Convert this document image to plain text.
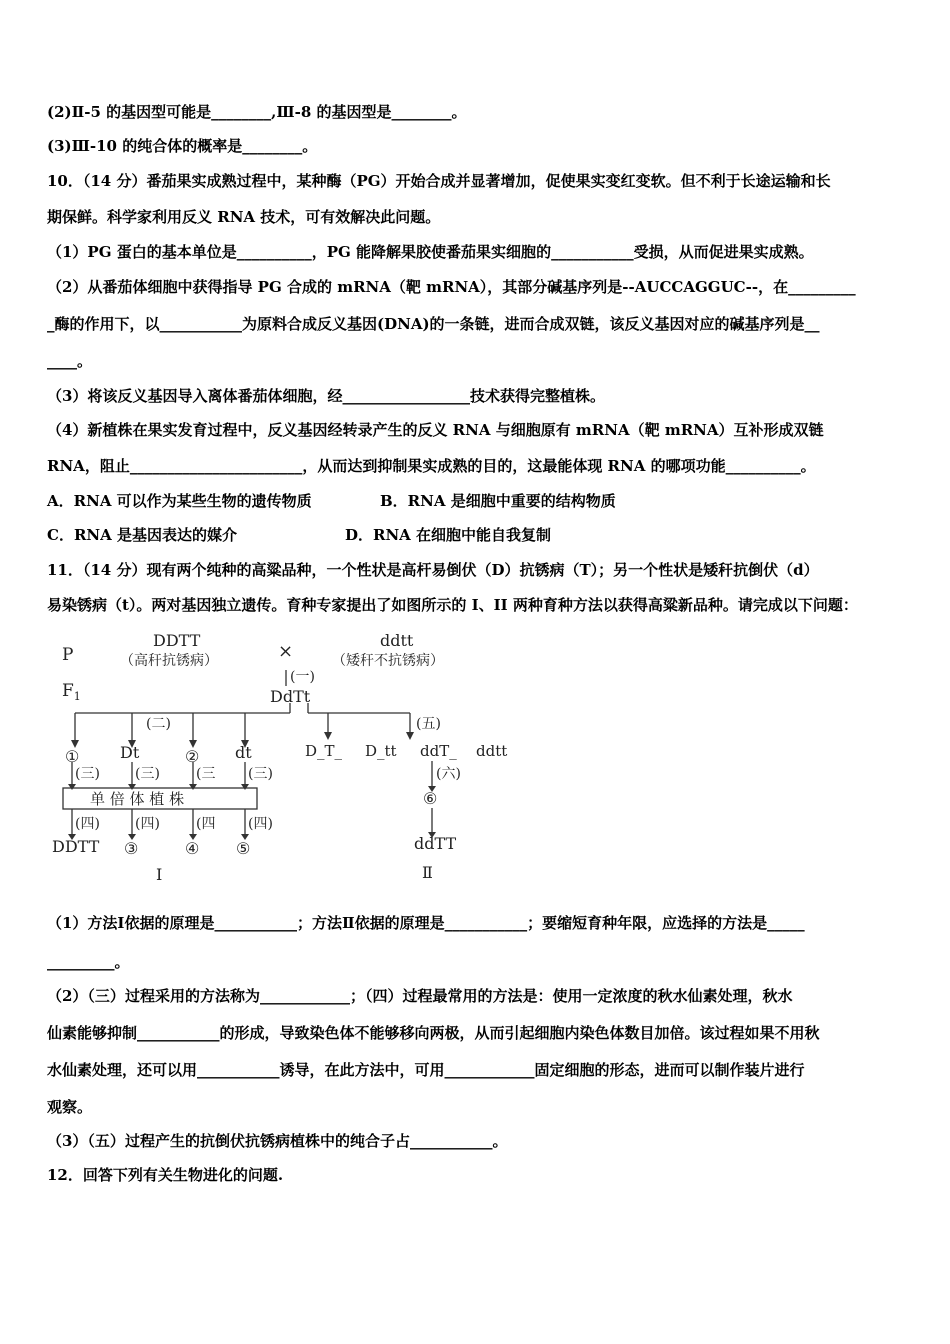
(2)Ⅱ-5 的基因型可能是________,Ⅲ-8 的基因型是________。
(3)Ⅲ-10 的纯合体的概率是________。
10．（14 分）番茄果实成熟过程中，某种酶（PG）开始合成并显著增加，促使果实变红变软。但不利于长途运输和长
期保鲜。科学家利用反义 RNA 技术，可有效解决此问题。
（1）PG 蛋白的基本单位是__________，PG 能降解果胶使番茄果实细胞的___________受损，从而促进果实成熟。
（2）从番茄体细胞中获得指导 PG 合成的 mRNA（靶 mRNA），其部分碱基序列是--AUCCAGGUC--，在_________
_酶的作用下，以___________为原料合成反义基因(DNA)的一条链，进而合成双链，该反义基因对应的碱基序列是__
____。
（3）将该反义基因导入离体番茄体细胞，经_________________技术获得完整植株。
（4）新植株在果实发育过程中，反义基因经转录产生的反义 RNA 与细胞原有 mRNA（靶 mRNA）互补形成双链
RNA，阻止_______________________，从而达到抑制果实成熟的目的，这最能体现 RNA 的哪项功能__________。
A．RNA 可以作为某些生物的遗传物质	B．RNA 是细胞中重要的结构物质
C．RNA 是基因表达的媒介	D．RNA 在细胞中能自我复制
11．（14 分）现有两个纯种的高粱品种，一个性状是高杆易倒伏（D）抗锈病（T）；另一个性状是矮秆抗倒伏（d）
易染锈病（t）。两对基因独立遗传。育种专家提出了如图所示的 I、II 两种育种方法以获得高粱新品种。请完成以下问题：
P
$F_1$
DDTT
（高秆抗锈病）
ddtt
（矮秆不抗锈病）
×
(一)
DdTt
(二)	(五)
①	Dt	② dt
(三)	(三)	(三 (三)
单 倍 体 植 株
(四)	(四)	(四 (四)
DDTT ③	④ ⑤
I
D_T_ D_tt ddT_ ddtt
(六)
⑥
ddTT
Ⅱ
（1）方法Ⅰ依据的原理是___________；方法Ⅱ依据的原理是___________；要缩短育种年限，应选择的方法是_____
_________。
（2）（三）过程采用的方法称为____________；（四）过程最常用的方法是：使用一定浓度的秋水仙素处理，秋水
仙素能够抑制___________的形成，导致染色体不能够移向两极，从而引起细胞内染色体数目加倍。该过程如果不用秋
水仙素处理，还可以用___________诱导，在此方法中，可用____________固定细胞的形态，进而可以制作装片进行
观察。
（3）（五）过程产生的抗倒伏抗锈病植株中的纯合子占___________。
12．回答下列有关生物进化的问题.
